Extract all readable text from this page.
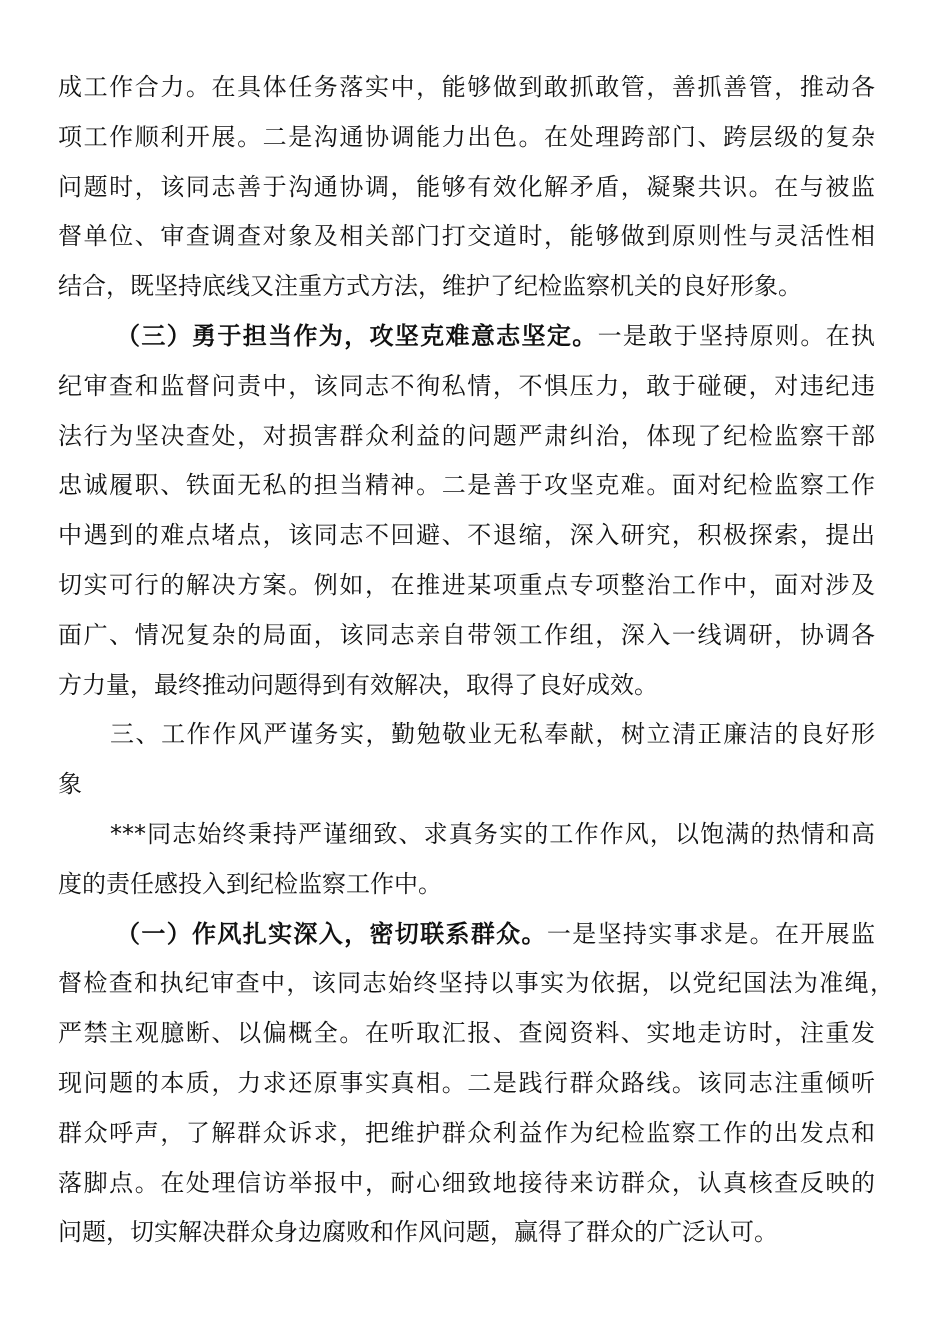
成工作合力。在具体任务落实中，能够做到敢抓敢管，善抓善管，推动各
项工作顺利开展。二是沟通协调能力出色。在处理跨部门、跨层级的复杂
问题时，该同志善于沟通协调，能够有效化解矛盾，凝聚共识。在与被监
督单位、审查调查对象及相关部门打交道时，能够做到原则性与灵活性相
结合，既坚持底线又注重方式方法，维护了纪检监察机关的良好形象。
（三）勇于担当作为，攻坚克难意志坚定。一是敢于坚持原则。在执
纪审查和监督问责中，该同志不徇私情，不惧压力，敢于碰硬，对违纪违
法行为坚决查处，对损害群众利益的问题严肃纠治，体现了纪检监察干部
忠诚履职、铁面无私的担当精神。二是善于攻坚克难。面对纪检监察工作
中遇到的难点堵点，该同志不回避、不退缩，深入研究，积极探索，提出
切实可行的解决方案。例如，在推进某项重点专项整治工作中，面对涉及
面广、情况复杂的局面，该同志亲自带领工作组，深入一线调研，协调各
方力量，最终推动问题得到有效解决，取得了良好成效。
三、工作作风严谨务实，勤勉敬业无私奉献，树立清正廉洁的良好形
象
***同志始终秉持严谨细致、求真务实的工作作风，以饱满的热情和高
度的责任感投入到纪检监察工作中。
（一）作风扎实深入，密切联系群众。一是坚持实事求是。在开展监
督检查和执纪审查中，该同志始终坚持以事实为依据，以党纪国法为准绳，
严禁主观臆断、以偏概全。在听取汇报、查阅资料、实地走访时，注重发
现问题的本质，力求还原事实真相。二是践行群众路线。该同志注重倾听
群众呼声，了解群众诉求，把维护群众利益作为纪检监察工作的出发点和
落脚点。在处理信访举报中，耐心细致地接待来访群众，认真核查反映的
问题，切实解决群众身边腐败和作风问题，赢得了群众的广泛认可。
